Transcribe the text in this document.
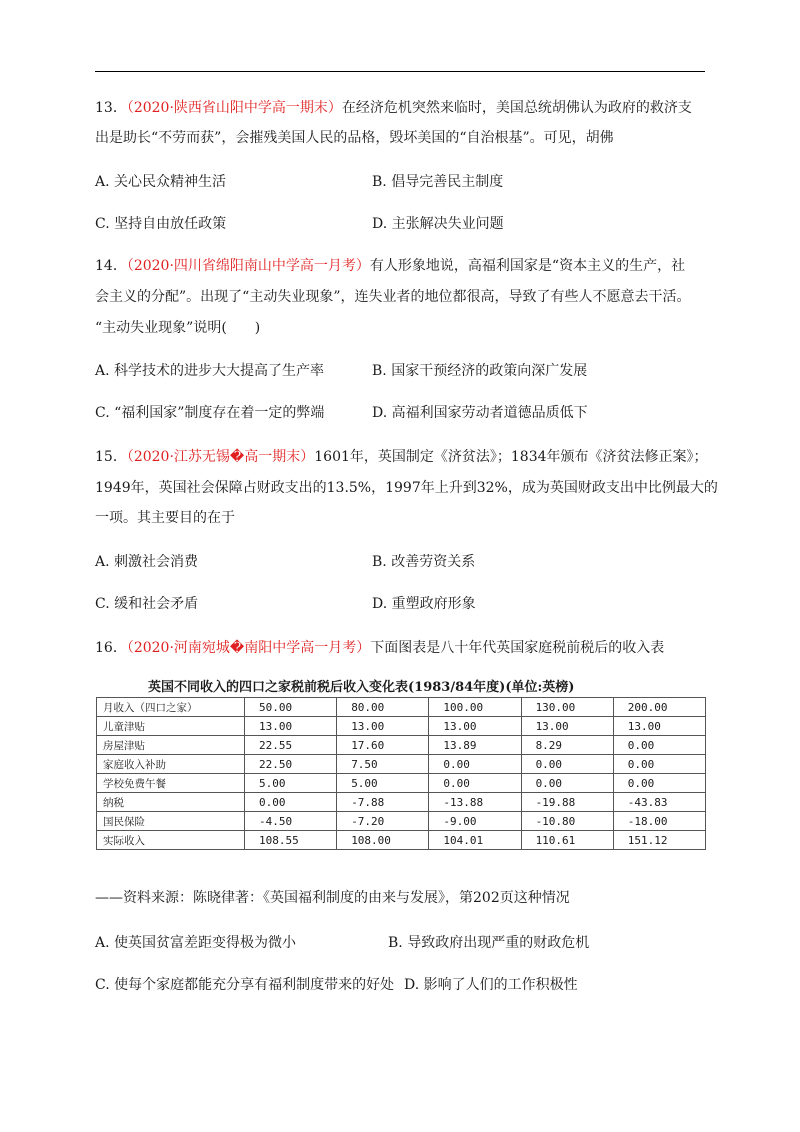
13．（2020·陕西省山阳中学高一期末）在经济危机突然来临时，美国总统胡佛认为政府的救济支
出是助长“不劳而获”，会摧残美国人民的品格，毁坏美国的“自治根基”。可见，胡佛
A. 关心民众精神生活	B. 倡导完善民主制度
C. 坚持自由放任政策	D. 主张解决失业问题
14．（2020·四川省绵阳南山中学高一月考）有人形象地说，高福利国家是“资本主义的生产，社
会主义的分配”。出现了“主动失业现象”，连失业者的地位都很高，导致了有些人不愿意去干活。
“主动失业现象”说明(　　)
A. 科学技术的进步大大提高了生产率	B. 国家干预经济的政策向深广发展
C. “福利国家”制度存在着一定的弊端	D. 高福利国家劳动者道德品质低下
15．（2020·江苏无锡�高一期末）1601年，英国制定《济贫法》；1834年颁布《济贫法修正案》；
1949年，英国社会保障占财政支出的13.5%，1997年上升到32%，成为英国财政支出中比例最大的
一项。其主要目的在于
A. 刺激社会消费	B. 改善劳资关系
C. 缓和社会矛盾	D. 重塑政府形象
16．（2020·河南宛城�南阳中学高一月考）下面图表是八十年代英国家庭税前税后的收入表
英国不同收入的四口之家税前税后收入变化表(1983/84年度)(单位:英榜)
月收入（四口之家）	50.00	80.00	100.00	130.00	200.00
儿童津贴	13.00	13.00	13.00	13.00	13.00
房屋津贴	22.55	17.60	13.89	8.29	0.00
家庭收入补助	22.50	7.50	0.00	0.00	0.00
学校免费午餐	5.00	5.00	0.00	0.00	0.00
纳税	0.00	-7.88	-13.88	-19.88	-43.83
国民保险	-4.50	-7.20	-9.00	-10.80	-18.00
实际收入	108.55	108.00	104.01	110.61	151.12
——资料来源：陈晓律著：《英国福利制度的由来与发展》，第202页这种情况
A. 使英国贫富差距变得极为微小	B. 导致政府出现严重的财政危机
C. 使每个家庭都能充分享有福利制度带来的好处 D. 影响了人们的工作积极性
